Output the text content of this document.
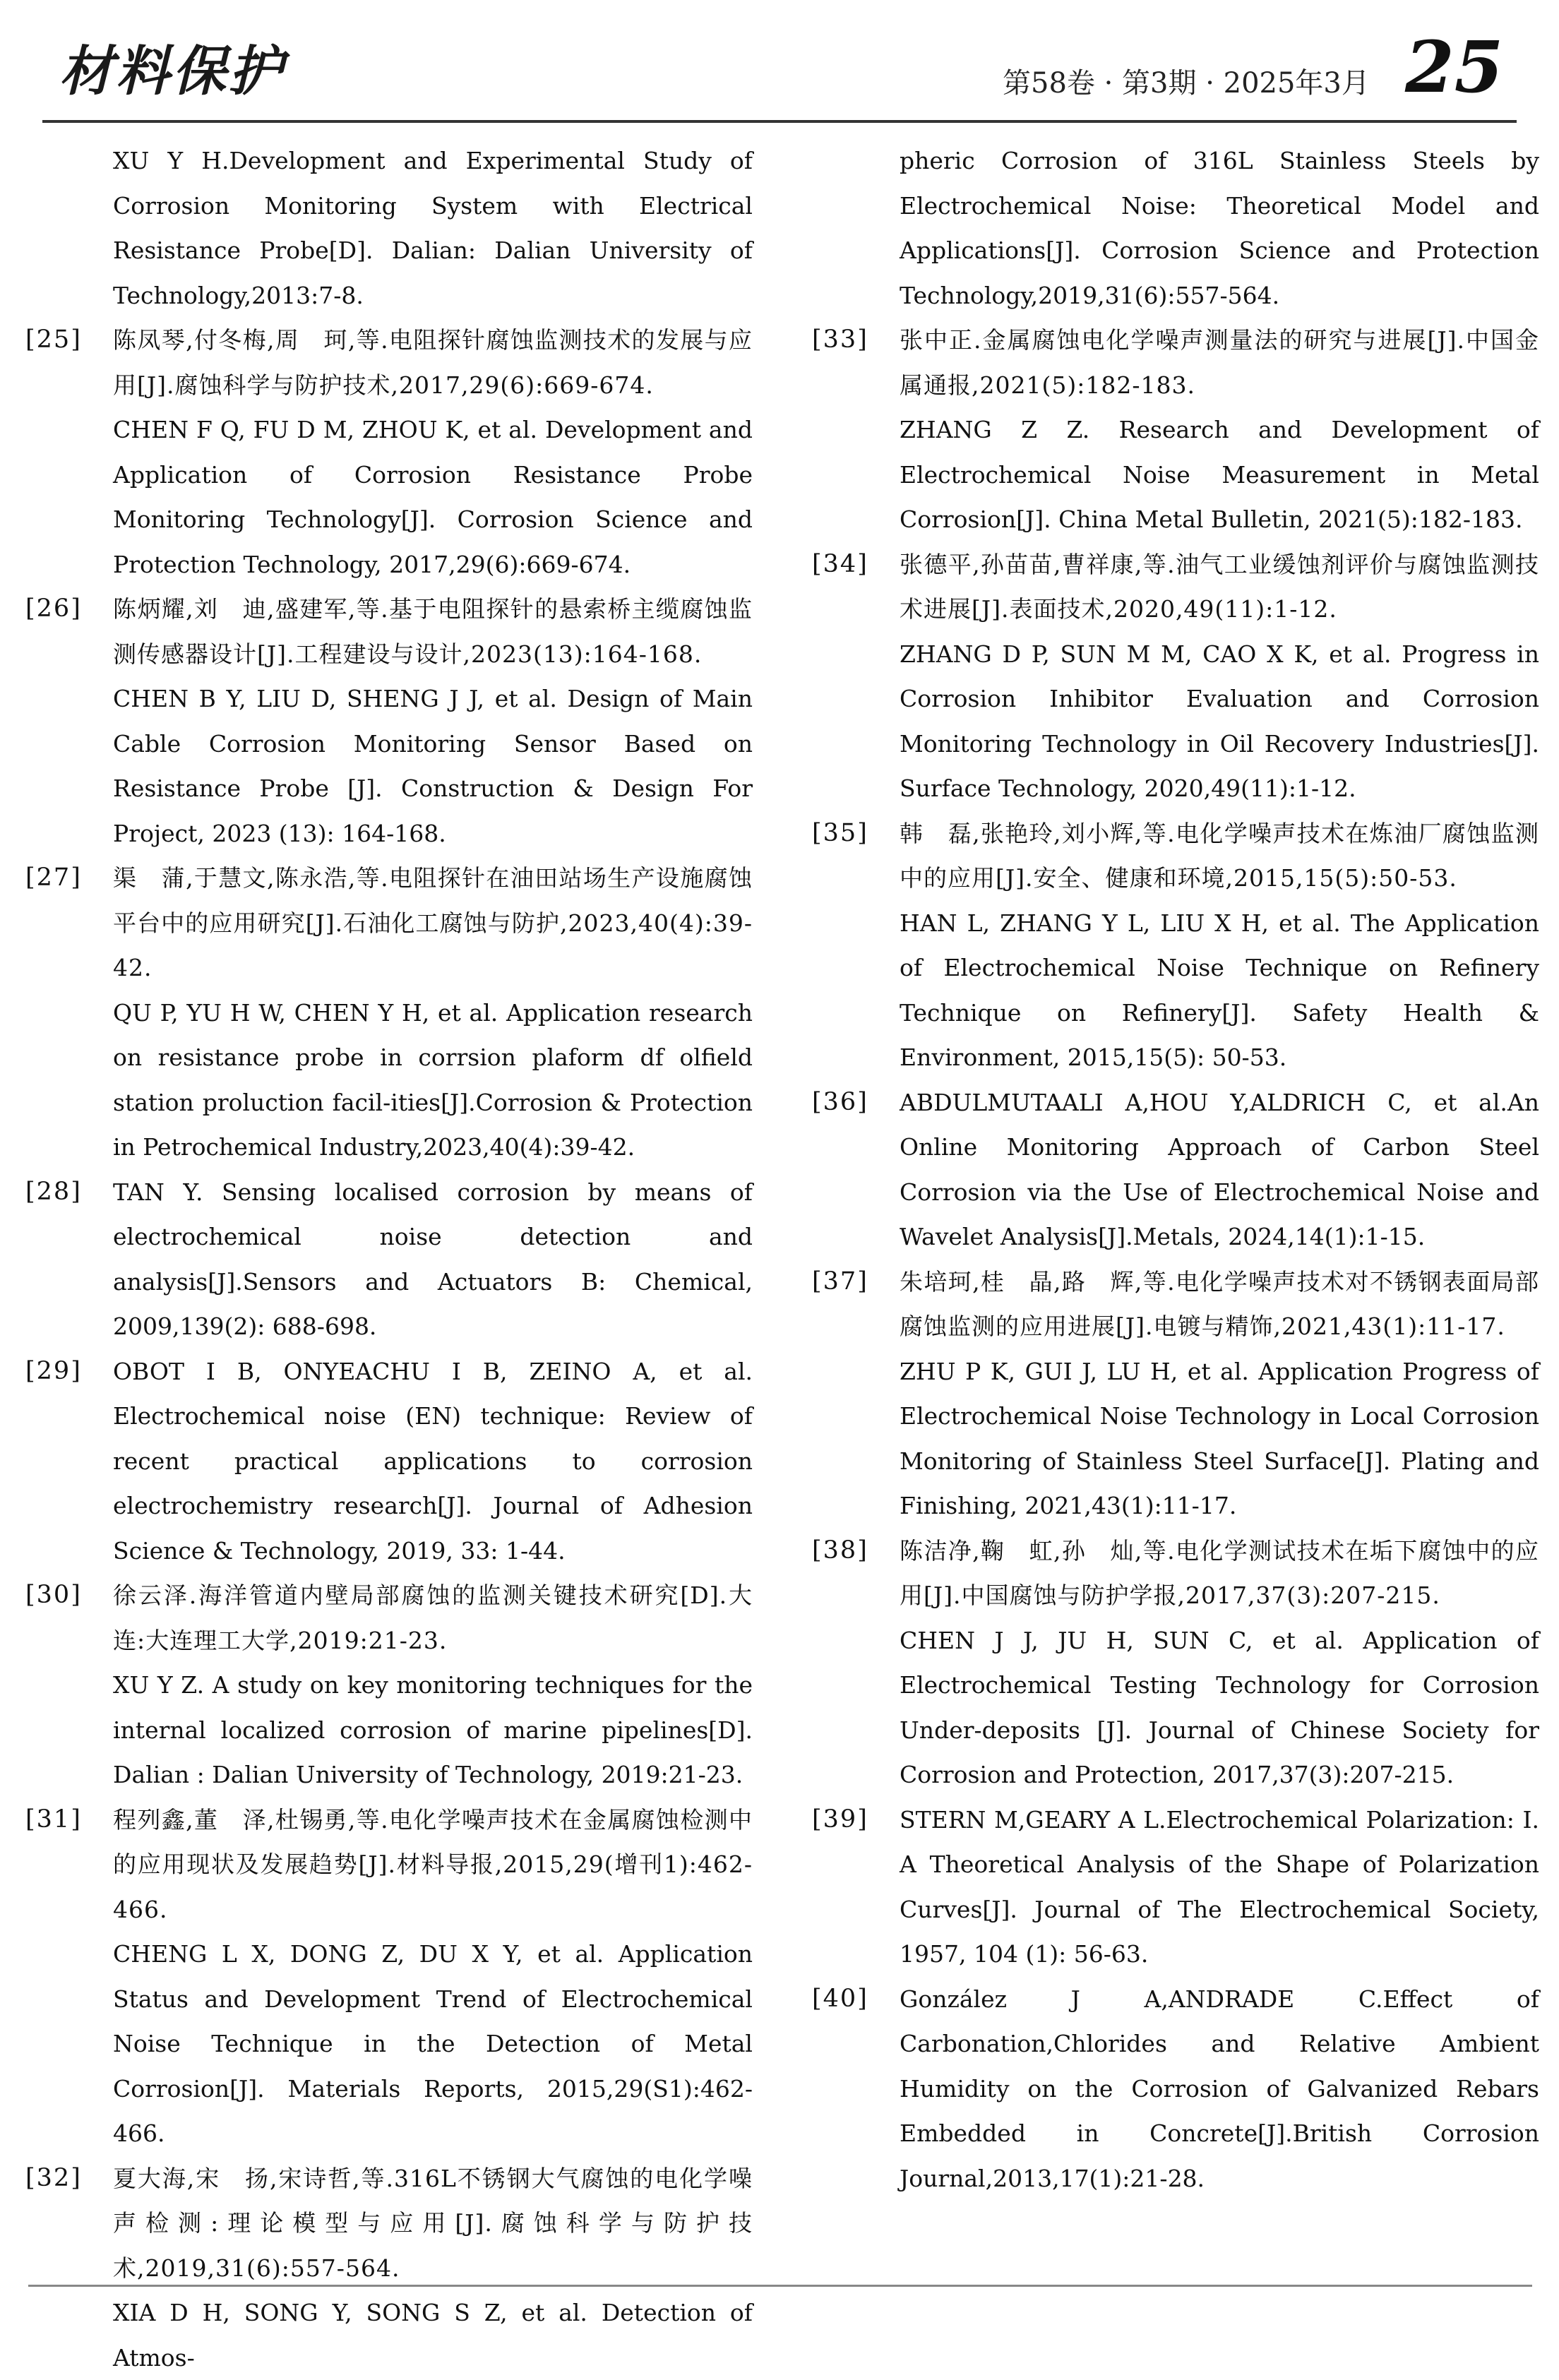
材料保护	第58卷 · 第3期 · 2025年3月 25

XU Y H.Development and Experimental Study of Corrosion Monitoring System with Electrical Resistance Probe[D]. Dalian: Dalian University of Technology,2013:7-8.

[25]	陈凤琴,付冬梅,周　珂,等.电阻探针腐蚀监测技术的发展与应用[J].腐蚀科学与防护技术,2017,29(6):669-674.

CHEN F Q, FU D M, ZHOU K, et al. Development and Application of Corrosion Resistance Probe Monitoring Technology[J]. Corrosion Science and Protection Technology, 2017,29(6):669-674.

[26]	陈炳耀,刘　迪,盛建军,等.基于电阻探针的悬索桥主缆腐蚀监测传感器设计[J].工程建设与设计,2023(13):164-168.

CHEN B Y, LIU D, SHENG J J, et al. Design of Main Cable Corrosion Monitoring Sensor Based on Resistance Probe [J]. Construction & Design For Project, 2023 (13): 164-168.

[27]	渠　蒲,于慧文,陈永浩,等.电阻探针在油田站场生产设施腐蚀平台中的应用研究[J].石油化工腐蚀与防护,2023,40(4):39-42.

QU P, YU H W, CHEN Y H, et al. Application research on resistance probe in corrsion plaform df olfield station proluction facil-ities[J].Corrosion & Protection in Petrochemical Industry,2023,40(4):39-42.

[28]	TAN Y. Sensing localised corrosion by means of electrochemical noise detection and analysis[J].Sensors and Actuators B: Chemical, 2009,139(2): 688-698.

[29]	OBOT I B, ONYEACHU I B, ZEINO A, et al. Electrochemical noise (EN) technique: Review of recent practical applications to corrosion electrochemistry research[J]. Journal of Adhesion Science & Technology, 2019, 33: 1-44.

[30]	徐云泽.海洋管道内壁局部腐蚀的监测关键技术研究[D].大连:大连理工大学,2019:21-23.

XU Y Z. A study on key monitoring techniques for the internal localized corrosion of marine pipelines[D]. Dalian : Dalian University of Technology, 2019:21-23.

[31]	程列鑫,董　泽,杜锡勇,等.电化学噪声技术在金属腐蚀检测中的应用现状及发展趋势[J].材料导报,2015,29(增刊1):462-466.

CHENG L X, DONG Z, DU X Y, et al. Application Status and Development Trend of Electrochemical Noise Technique in the Detection of Metal Corrosion[J]. Materials Reports, 2015,29(S1):462-466.

[32]	夏大海,宋　扬,宋诗哲,等.316L不锈钢大气腐蚀的电化学噪声检测:理论模型与应用[J].腐蚀科学与防护技术,2019,31(6):557-564.

XIA D H, SONG Y, SONG S Z, et al. Detection of Atmos-

pheric Corrosion of 316L Stainless Steels by Electrochemical Noise: Theoretical Model and Applications[J]. Corrosion Science and Protection Technology,2019,31(6):557-564.

[33]	张中正.金属腐蚀电化学噪声测量法的研究与进展[J].中国金属通报,2021(5):182-183.

ZHANG Z Z. Research and Development of Electrochemical Noise Measurement in Metal Corrosion[J]. China Metal Bulletin, 2021(5):182-183.

[34]	张德平,孙苗苗,曹祥康,等.油气工业缓蚀剂评价与腐蚀监测技术进展[J].表面技术,2020,49(11):1-12.

ZHANG D P, SUN M M, CAO X K, et al. Progress in Corrosion Inhibitor Evaluation and Corrosion Monitoring Technology in Oil Recovery Industries[J]. Surface Technology, 2020,49(11):1-12.

[35]	韩　磊,张艳玲,刘小辉,等.电化学噪声技术在炼油厂腐蚀监测中的应用[J].安全、健康和环境,2015,15(5):50-53.

HAN L, ZHANG Y L, LIU X H, et al. The Application of Electrochemical Noise Technique on Refinery Technique on Refinery[J]. Safety Health & Environment, 2015,15(5): 50-53.

[36]	ABDULMUTAALI A,HOU Y,ALDRICH C, et al.An Online Monitoring Approach of Carbon Steel Corrosion via the Use of Electrochemical Noise and Wavelet Analysis[J].Metals, 2024,14(1):1-15.

[37]	朱培珂,桂　晶,路　辉,等.电化学噪声技术对不锈钢表面局部腐蚀监测的应用进展[J].电镀与精饰,2021,43(1):11-17.

ZHU P K, GUI J, LU H, et al. Application Progress of Electrochemical Noise Technology in Local Corrosion Monitoring of Stainless Steel Surface[J]. Plating and Finishing, 2021,43(1):11-17.

[38]	陈洁净,鞠　虹,孙　灿,等.电化学测试技术在垢下腐蚀中的应用[J].中国腐蚀与防护学报,2017,37(3):207-215.

CHEN J J, JU H, SUN C, et al. Application of Electrochemical Testing Technology for Corrosion Under-deposits [J]. Journal of Chinese Society for Corrosion and Protection, 2017,37(3):207-215.

[39]	STERN M,GEARY A L.Electrochemical Polarization: I. A Theoretical Analysis of the Shape of Polarization Curves[J]. Journal of The Electrochemical Society, 1957, 104 (1): 56-63.

[40]	González J A,ANDRADE C.Effect of Carbonation,Chlorides and Relative Ambient Humidity on the Corrosion of Galvanized Rebars Embedded in Concrete[J].British Corrosion Journal,2013,17(1):21-28.
